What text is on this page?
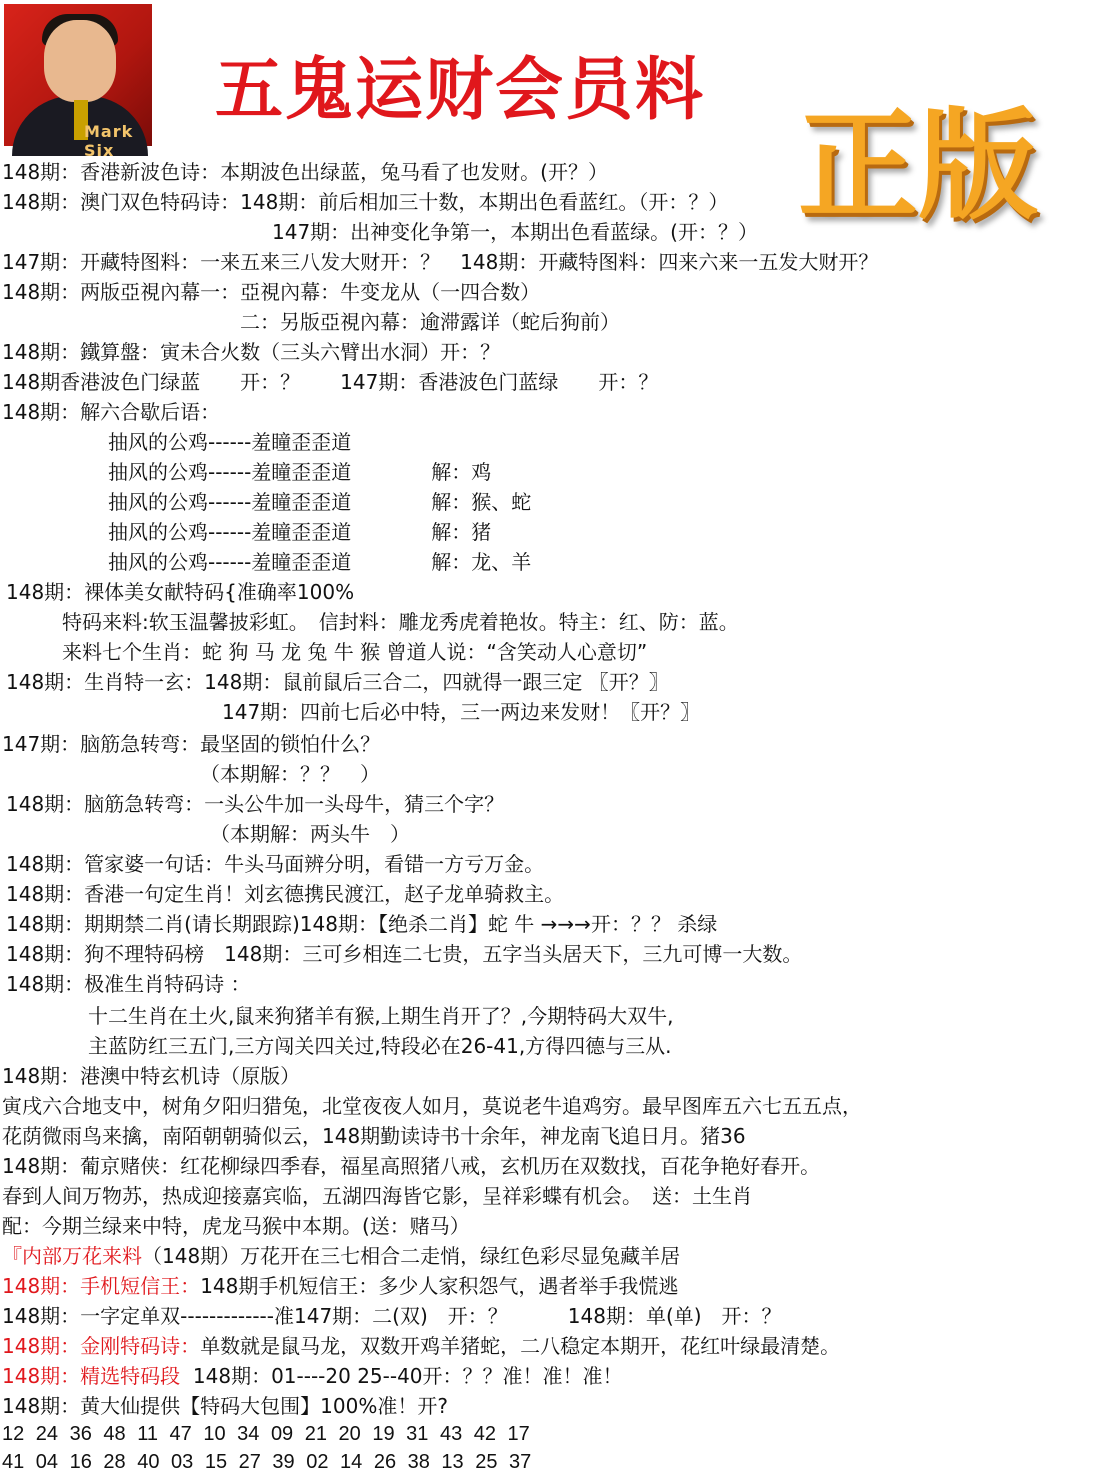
Mark Six
五鬼运财会员料
正版
148期：香港新波色诗：本期波色出绿蓝，兔马看了也发财。(开？）
148期：澳门双色特码诗：148期：前后相加三十数，本期出色看蓝红。（开：？）
147期：出神变化争第一，本期出色看蓝绿。(开：？）
147期：开藏特图料：一来五来三八发大财开：？　148期：开藏特图料：四来六来一五发大财开？
148期：两版亞視內幕一：亞視內幕：牛变龙从（一四合数）
二：另版亞視內幕：逾滞露详（蛇后狗前）
148期：鐵算盤：寅未合火数（三头六臂出水洞）开：？
148期香港波色门绿蓝　　开：？　　147期：香港波色门蓝绿　　开：？
148期：解六合歇后语：
抽风的公鸡------羞瞳歪歪道
抽风的公鸡------羞瞳歪歪道　　　　解：鸡
抽风的公鸡------羞瞳歪歪道　　　　解：猴、蛇
抽风的公鸡------羞瞳歪歪道　　　　解：猪
抽风的公鸡------羞瞳歪歪道　　　　解：龙、羊
148期：裸体美女献特码{准确率100%
特码来料:软玉温馨披彩虹。　信封料：雕龙秀虎着艳妆。特主：红、防：蓝。
来料七个生肖：蛇 狗 马 龙 兔 牛 猴 曾道人说：“含笑动人心意切”
148期：生肖特一玄：148期：鼠前鼠后三合二，四就得一跟三定 〖开？〗
147期：四前七后必中特，三一两边来发财！〖开？〗
147期：脑筋急转弯：最坚固的锁怕什么？
（本期解：？？　）
148期：脑筋急转弯：一头公牛加一头母牛，猜三个字？
（本期解：两头牛　）
148期：管家婆一句话：牛头马面辨分明，看错一方亏万金。
148期：香港一句定生肖！刘玄德携民渡江，赵子龙单骑救主。
148期：期期禁二肖(请长期跟踪)148期：【绝杀二肖】蛇 牛 →→→开：？？ 杀绿
148期：狗不理特码榜　148期：三可乡相连二七贵，五字当头居天下，三九可博一大数。
148期：极准生肖特码诗 ：
十二生肖在土火,鼠来狗猪羊有猴,上期生肖开了？,今期特码大双牛,
主蓝防红三五门,三方闯关四关过,特段必在26-41,方得四德与三从.
148期：港澳中特玄机诗（原版）
寅戌六合地支中，树角夕阳归猎兔，北堂夜夜人如月，莫说老牛追鸡穷。最早图库五六七五五点，
花荫微雨鸟来擒，南陌朝朝骑似云，148期勤读诗书十余年，神龙南飞追日月。猪36
148期：葡京赌侠：红花柳绿四季春，福星高照猪八戒，玄机历在双数找，百花争艳好春开。
春到人间万物苏，热成迎接嘉宾临，五湖四海皆它影，呈祥彩蝶有机会。　送：土生肖
配：今期兰绿来中特，虎龙马猴中本期。(送：赌马）
『内部万花来料（148期）万花开在三七相合二走悄，绿红色彩尽显兔藏羊居
148期：手机短信王：148期手机短信王：多少人家积怨气，遇者举手我慌逃
148期：一字定单双-------------准147期：二(双)　开：？　　　148期：单(单)　开：？
148期：金刚特码诗：单数就是鼠马龙，双数开鸡羊猪蛇，二八稳定本期开，花红叶绿最清楚。
148期：精选特码段 148期：01----20 25--40开：？？准！准！准！
148期：黄大仙提供【特码大包围】100%准！开?
12 24 36 48 11 47 10 34 09 21 20 19 31 43 42 17
41 04 16 28 40 03 15 27 39 02 14 26 38 13 25 37
